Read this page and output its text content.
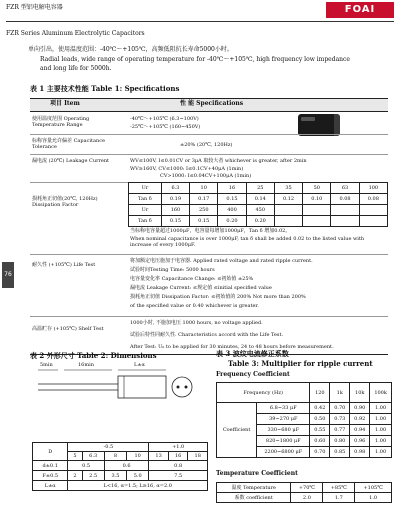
FZR 型铝电解电容器	FOAI
FZR Series Aluminum Electrolytic Capacitors
单向引出，使用温度范围：-40℃～+105℃，高频低阻抗长寿命5000小时。
Radial leads, wide range of operating temperature for -40℃～+105℃, high frequency low impedance
and long life for 5000h.
表 1 主要技术性能 Table 1: Specifications
项目 Item	性 能 Specifications
使用温度范围 Operating Temperature Range
-40℃～+105℃ (6.3~100V)
-25℃～+105℃ (160~450V)
标称容量允许偏差 Capacitance Tolerance	±20% (20℃, 120Hz)
漏电流 (20℃) Leakage Current	WV≤100V, I≤0.01CV or 3μA 取较大者 whichever is greater, after 2min
WV≥160V, CV≤1000: I≤0.1CV+40μA (1min)
CV>1000: I≤0.04CV+100μA (1min)
损耗角正切值(20℃, 120Hz) Dissipation Factor
Ur	6.3	10	16	25	35	50	63	100
Tan δ	0.19	0.17	0.15	0.14	0.12	0.10	0.08	0.08
Ur	160	250	400	450				
Tan δ	0.15	0.15	0.20	0.20				
当标称电容量超过1000μF，电容量每增加1000μF，Tan δ 增加0.02。
When nominal capacitance is over 1000μF, tan δ shall be added 0.02 to the listed value with increase of every 1000μF.
耐久性 (+105℃) Life Test
将加额定电压施加于电容器. Applied rated voltage and rated ripple current.
试验时间Testing Time: 5000 hours
电容量变化率 Capacitance Change: ≤初始值 ±25%
漏电流 Leakage Current: ≤规定值 ≤initial specified value
损耗角正切值 Dissipation Factor: ≤初始值的 200% Not more than 200%
of the specified value or 0.40 whichever is greater.
高温贮存 (+105℃) Shelf Test
1000小时, 不施加电压 1000 hours, no voltage applied.
试验后特性同耐久性. Characteristics accord with the Life Test.
After Test: U₀ to be applied for 30 minutes, 24 to 48 hours before measurement.
76
表 2 外形尺寸 Table 2: Dimensions
5min	16min	L±α
D	-0.5				+1.0		
	5	6.3	8	10	13	16	18
d±0.1	0.5		0.6		0.8		
F±0.5	2	2.5	3.5	5.0	7.5		
L±α	L<16, α=1.5; L≥16, α=2.0						
表 3 波纹电流修正系数
Table 3: Multiplier for ripple current
Frequency Coefficient
Frequency (Hz)		120	1k	10k	100k
Coefficient	6.8~33 μF	0.42	0.70	0.90	1.00
	39~270 μF	0.50	0.73	0.92	1.00
	330~680 μF	0.55	0.77	0.94	1.00
	820~1800 μF	0.60	0.80	0.96	1.00
	2200~6800 μF	0.70	0.85	0.98	1.00
Temperature Coefficient
温度 Temperature	+70℃	+85℃	+105℃
系数 coefficient	2.0	1.7	1.0
